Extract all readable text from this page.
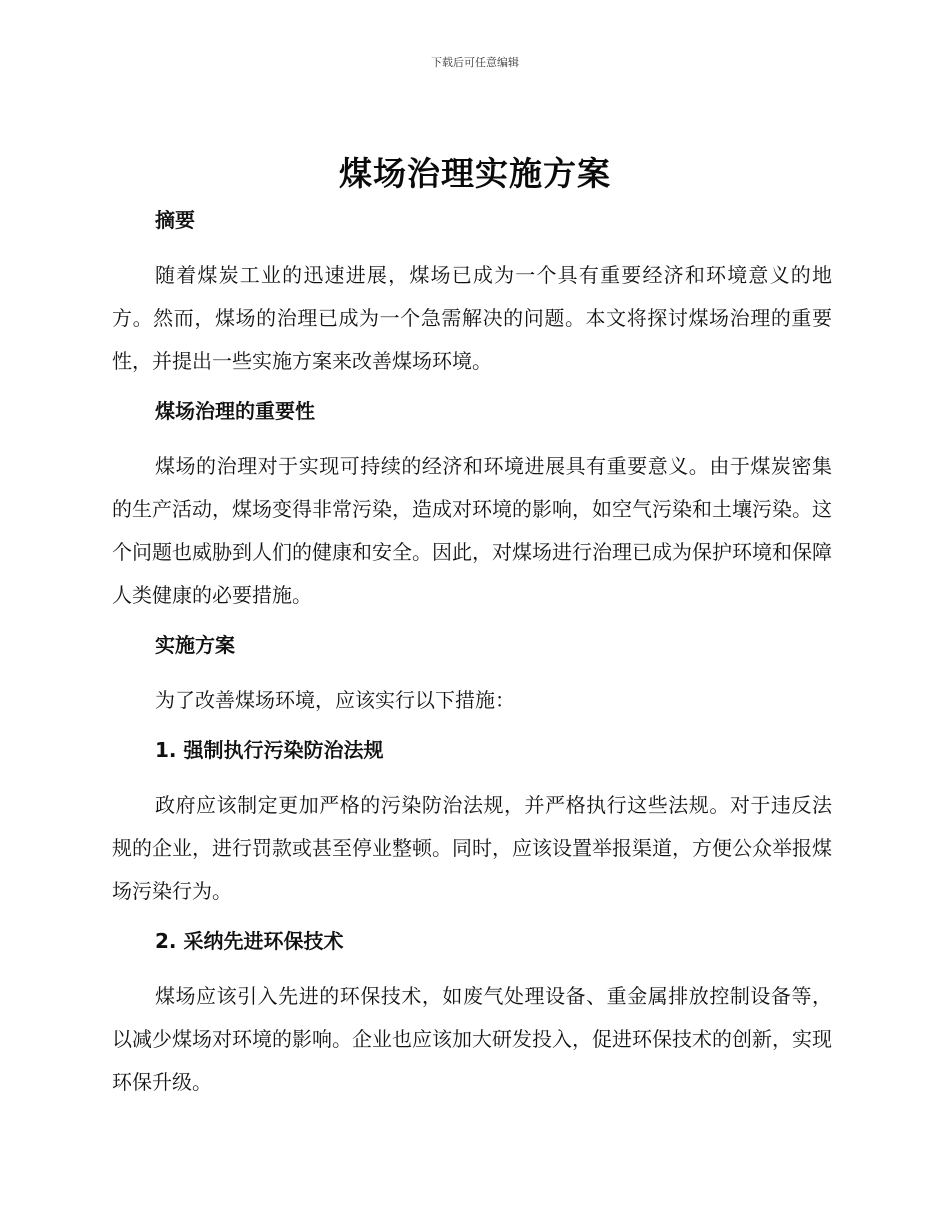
下载后可任意编辑
煤场治理实施方案

摘要

随着煤炭工业的迅速进展，煤场已成为一个具有重要经济和环境意义的地方。然而，煤场的治理已成为一个急需解决的问题。本文将探讨煤场治理的重要性，并提出一些实施方案来改善煤场环境。

煤场治理的重要性

煤场的治理对于实现可持续的经济和环境进展具有重要意义。由于煤炭密集的生产活动，煤场变得非常污染，造成对环境的影响，如空气污染和土壤污染。这个问题也威胁到人们的健康和安全。因此，对煤场进行治理已成为保护环境和保障人类健康的必要措施。

实施方案

为了改善煤场环境，应该实行以下措施：

1. 强制执行污染防治法规

政府应该制定更加严格的污染防治法规，并严格执行这些法规。对于违反法规的企业，进行罚款或甚至停业整顿。同时，应该设置举报渠道，方便公众举报煤场污染行为。

2. 采纳先进环保技术

煤场应该引入先进的环保技术，如废气处理设备、重金属排放控制设备等，以减少煤场对环境的影响。企业也应该加大研发投入，促进环保技术的创新，实现环保升级。
